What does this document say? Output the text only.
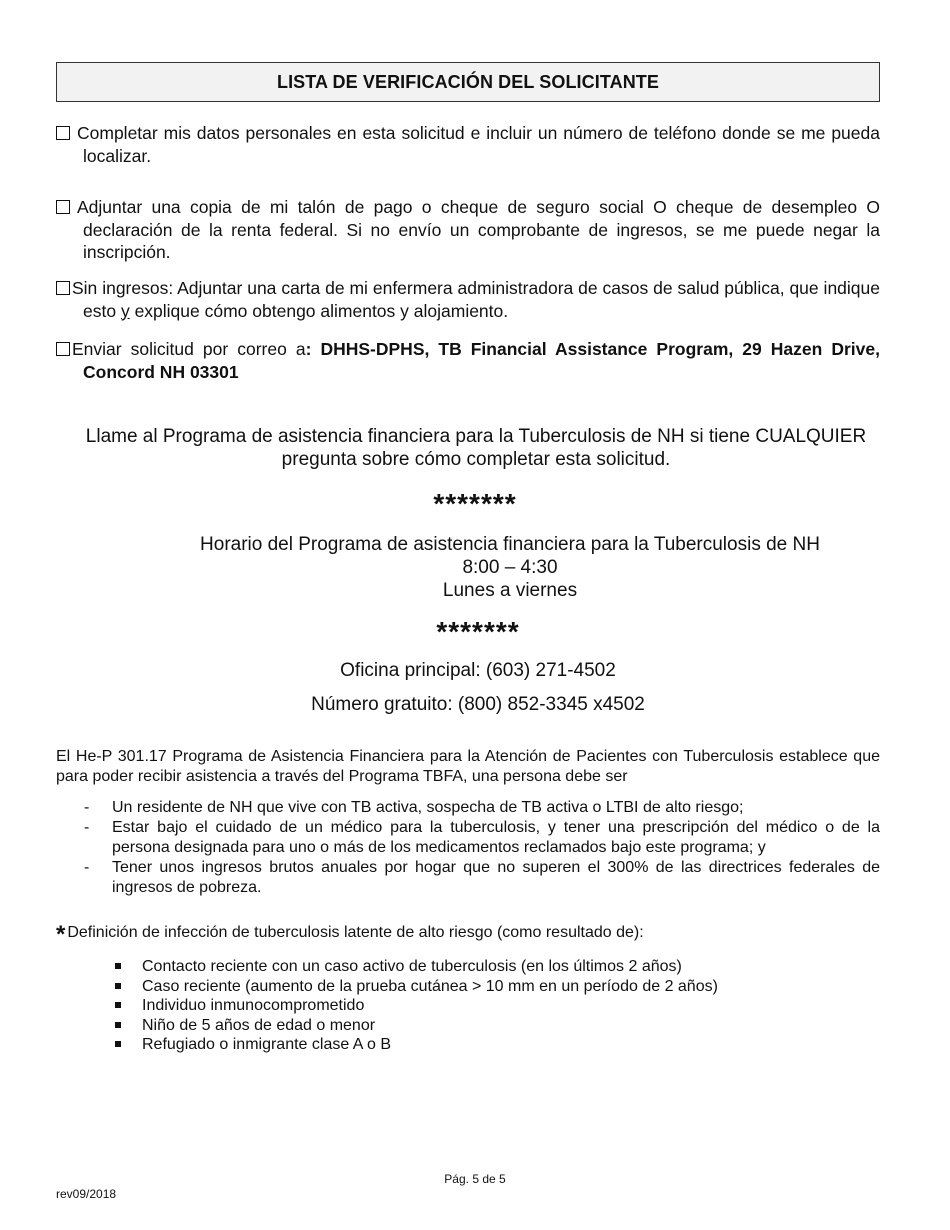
LISTA DE VERIFICACIÓN DEL SOLICITANTE
Completar mis datos personales en esta solicitud e incluir un número de teléfono donde se me pueda localizar.
Adjuntar una copia de mi talón de pago o cheque de seguro social O cheque de desempleo O declaración de la renta federal. Si no envío un comprobante de ingresos, se me puede negar la inscripción.
Sin ingresos: Adjuntar una carta de mi enfermera administradora de casos de salud pública, que indique esto y explique cómo obtengo alimentos y alojamiento.
Enviar solicitud por correo a: DHHS-DPHS, TB Financial Assistance Program, 29 Hazen Drive, Concord NH 03301
Llame al Programa de asistencia financiera para la Tuberculosis de NH si tiene CUALQUIER pregunta sobre cómo completar esta solicitud.
*******
Horario del Programa de asistencia financiera para la Tuberculosis de NH
8:00 – 4:30
Lunes a viernes
*******
Oficina principal: (603) 271-4502
Número gratuito: (800) 852-3345 x4502
El He-P 301.17 Programa de Asistencia Financiera para la Atención de Pacientes con Tuberculosis establece que para poder recibir asistencia a través del Programa TBFA, una persona debe ser
- Un residente de NH que vive con TB activa, sospecha de TB activa o LTBI de alto riesgo;
- Estar bajo el cuidado de un médico para la tuberculosis, y tener una prescripción del médico o de la persona designada para uno o más de los medicamentos reclamados bajo este programa; y
- Tener unos ingresos brutos anuales por hogar que no superen el 300% de las directrices federales de ingresos de pobreza.
* Definición de infección de tuberculosis latente de alto riesgo (como resultado de):
Contacto reciente con un caso activo de tuberculosis (en los últimos 2 años)
Caso reciente (aumento de la prueba cutánea > 10 mm en un período de 2 años)
Individuo inmunocomprometido
Niño de 5 años de edad o menor
Refugiado o inmigrante clase A o B
Pág. 5 de 5
rev09/2018
